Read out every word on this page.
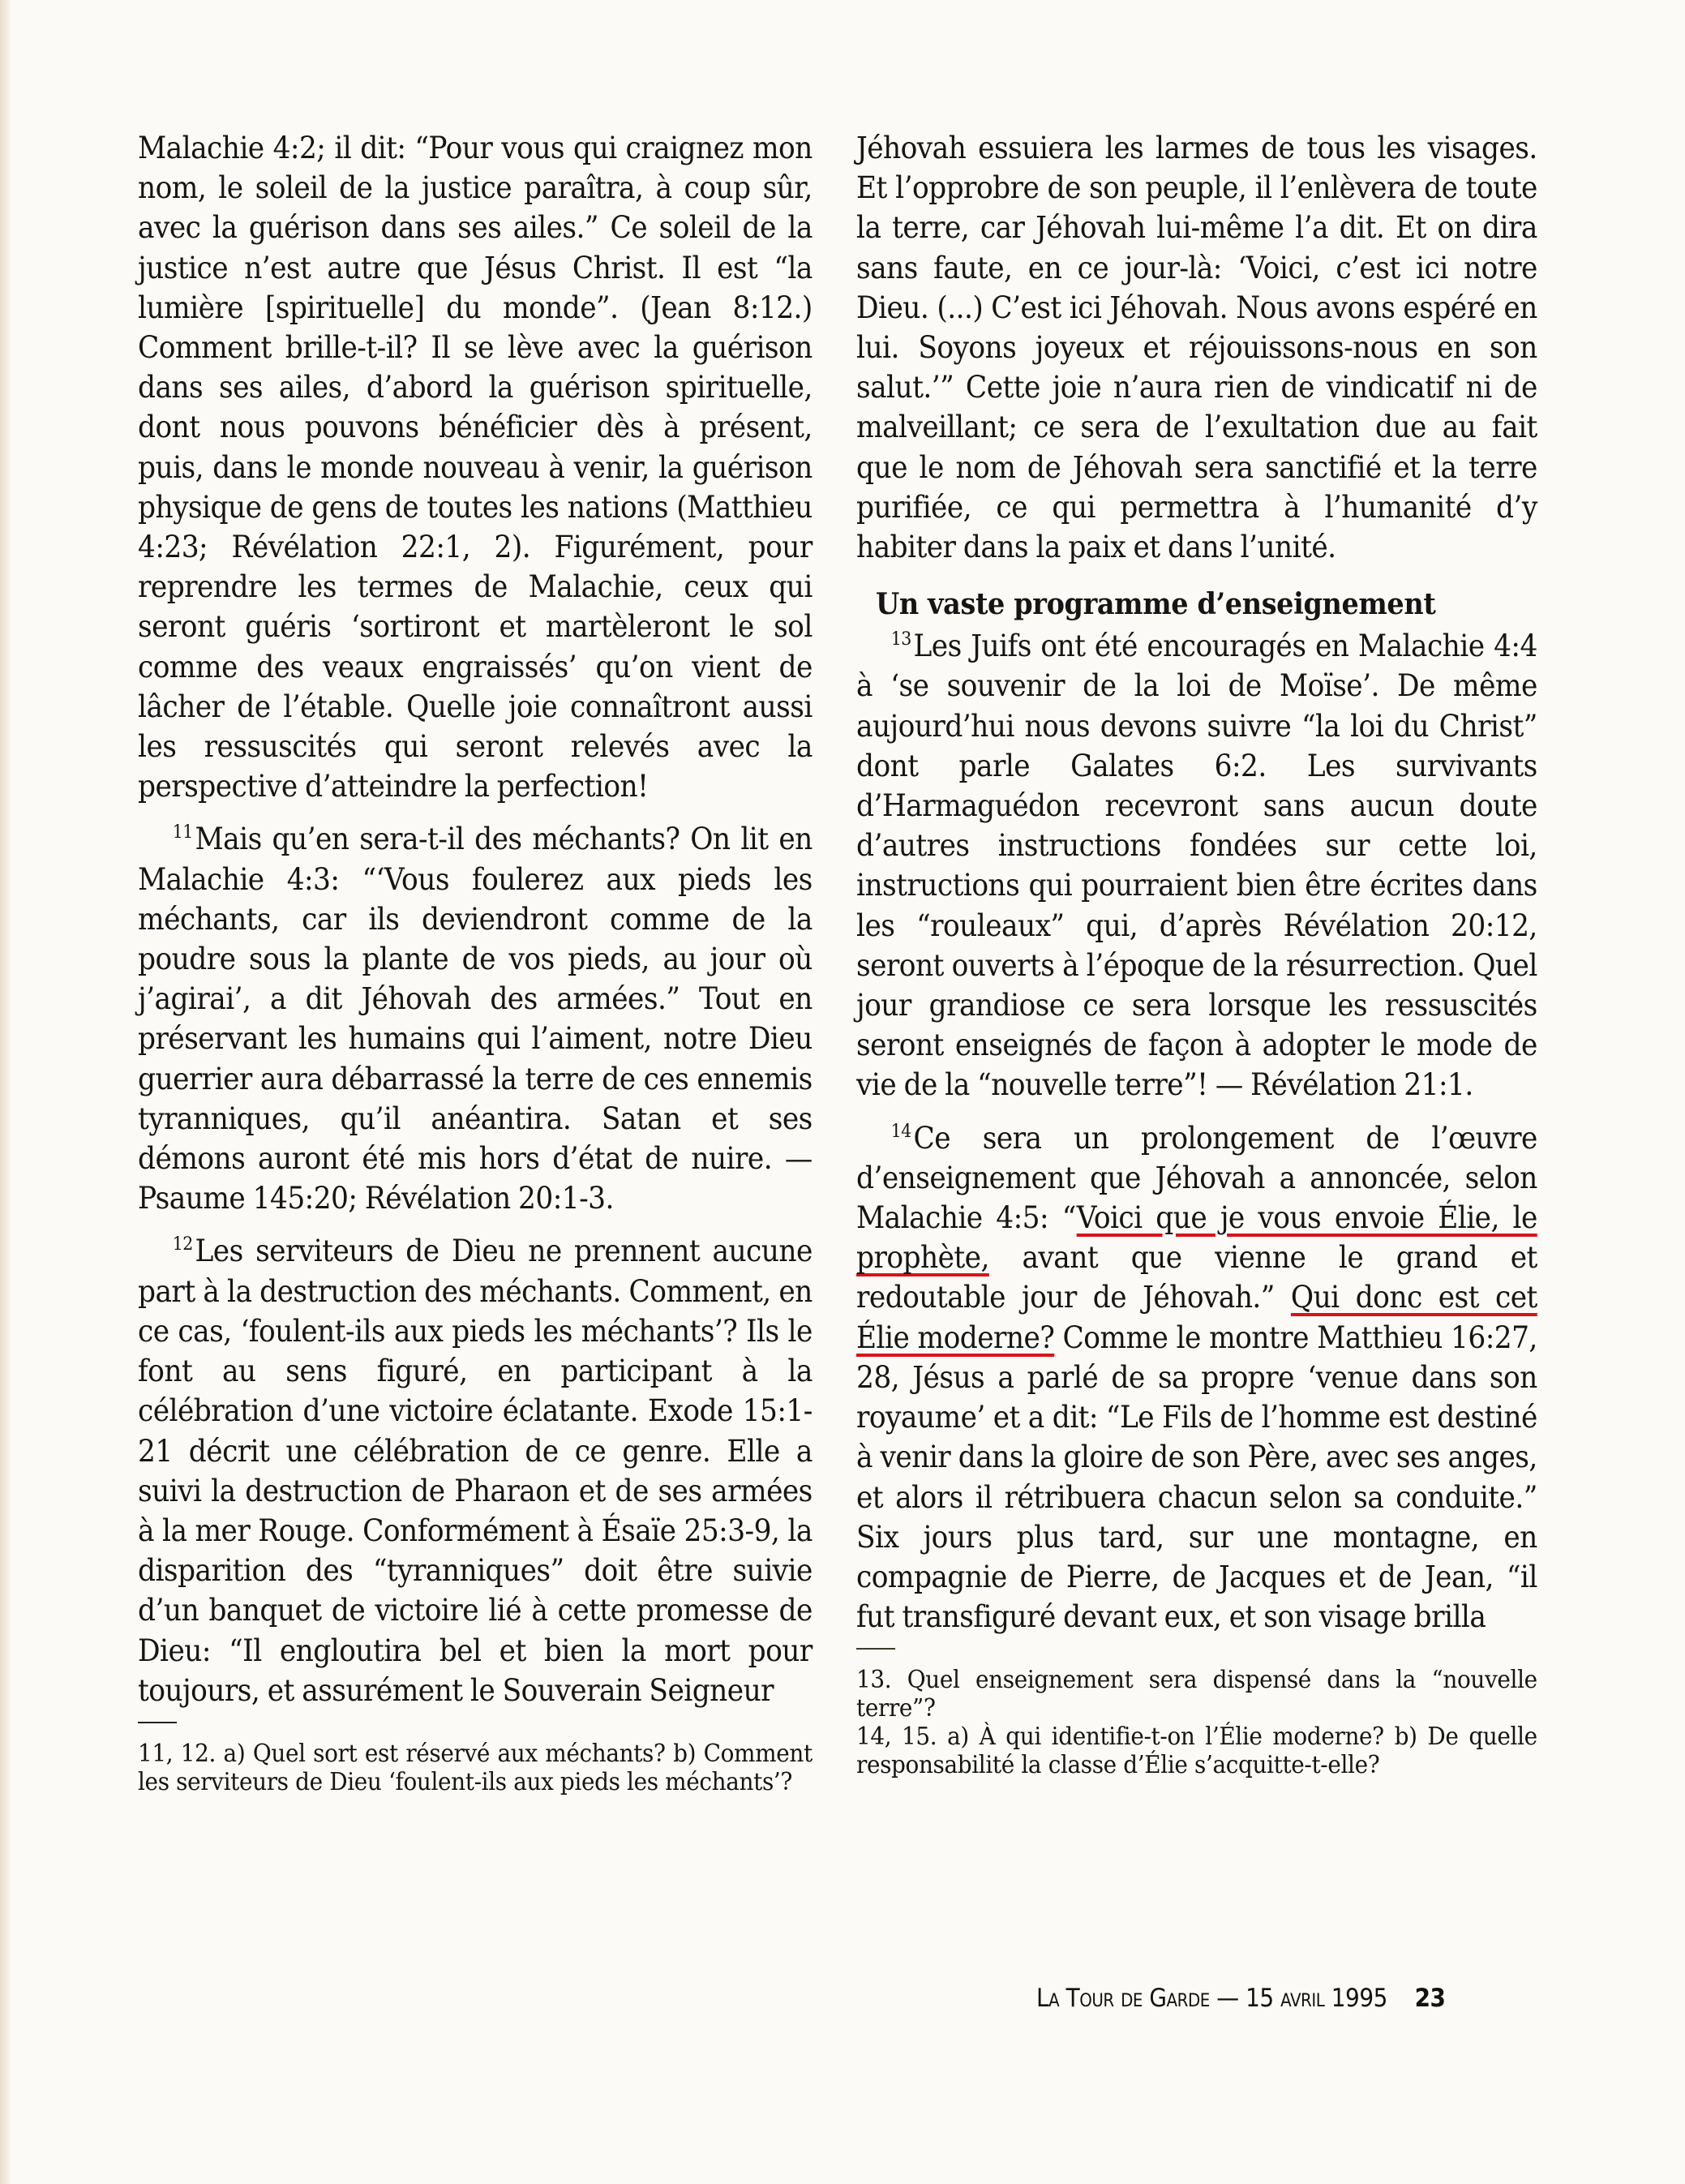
Malachie 4:2; il dit: “Pour vous qui craignez mon nom, le soleil de la justice paraîtra, à coup sûr, avec la guérison dans ses ailes.” Ce soleil de la justice n’est autre que Jésus Christ. Il est “la lumière [spirituelle] du monde”. (Jean 8:12.) Comment brille-t-il? Il se lève avec la guérison dans ses ailes, d’abord la guérison spirituelle, dont nous pouvons bénéficier dès à présent, puis, dans le monde nouveau à venir, la guérison physique de gens de toutes les nations (Matthieu 4:23; Révélation 22:1, 2). Figurément, pour reprendre les termes de Malachie, ceux qui seront guéris ‘sortiront et martèleront le sol comme des veaux engraissés’ qu’on vient de lâcher de l’étable. Quelle joie connaîtront aussi les ressuscités qui seront relevés avec la perspective d’atteindre la perfection!

$^{11}$Mais qu’en sera-t-il des méchants? On lit en Malachie 4:3: “‘Vous foulerez aux pieds les méchants, car ils deviendront comme de la poudre sous la plante de vos pieds, au jour où j’agirai’, a dit Jéhovah des armées.” Tout en préservant les humains qui l’aiment, notre Dieu guerrier aura débarrassé la terre de ces ennemis tyranniques, qu’il anéantira. Satan et ses démons auront été mis hors d’état de nuire. — Psaume 145:20; Révélation 20:1-3.

$^{12}$Les serviteurs de Dieu ne prennent aucune part à la destruction des méchants. Comment, en ce cas, ‘foulent-ils aux pieds les méchants’? Ils le font au sens figuré, en participant à la célébration d’une victoire éclatante. Exode 15:1-21 décrit une célébration de ce genre. Elle a suivi la destruction de Pharaon et de ses armées à la mer Rouge. Conformément à Ésaïe 25:3-9, la disparition des “tyranniques” doit être suivie d’un banquet de victoire lié à cette promesse de Dieu: “Il engloutira bel et bien la mort pour toujours, et assurément le Souverain Seigneur

11, 12. a) Quel sort est réservé aux méchants? b) Comment les serviteurs de Dieu ‘foulent-ils aux pieds les méchants’?

Jéhovah essuiera les larmes de tous les visages. Et l’opprobre de son peuple, il l’enlèvera de toute la terre, car Jéhovah lui-même l’a dit. Et on dira sans faute, en ce jour-là: ‘Voici, c’est ici notre Dieu. (...) C’est ici Jéhovah. Nous avons espéré en lui. Soyons joyeux et réjouissons-nous en son salut.’” Cette joie n’aura rien de vindicatif ni de malveillant; ce sera de l’exultation due au fait que le nom de Jéhovah sera sanctifié et la terre purifiée, ce qui permettra à l’humanité d’y habiter dans la paix et dans l’unité.

Un vaste programme d’enseignement

$^{13}$Les Juifs ont été encouragés en Malachie 4:4 à ‘se souvenir de la loi de Moïse’. De même aujourd’hui nous devons suivre “la loi du Christ” dont parle Galates 6:2. Les survivants d’Harmaguédon recevront sans aucun doute d’autres instructions fondées sur cette loi, instructions qui pourraient bien être écrites dans les “rouleaux” qui, d’après Révélation 20:12, seront ouverts à l’époque de la résurrection. Quel jour grandiose ce sera lorsque les ressuscités seront enseignés de façon à adopter le mode de vie de la “nouvelle terre”! — Révélation 21:1.

$^{14}$Ce sera un prolongement de l’œuvre d’enseignement que Jéhovah a annoncée, selon Malachie 4:5: “Voici que je vous envoie Élie, le prophète, avant que vienne le grand et redoutable jour de Jéhovah.” Qui donc est cet Élie moderne? Comme le montre Matthieu 16:27, 28, Jésus a parlé de sa propre ‘venue dans son royaume’ et a dit: “Le Fils de l’homme est destiné à venir dans la gloire de son Père, avec ses anges, et alors il rétribuera chacun selon sa conduite.” Six jours plus tard, sur une montagne, en compagnie de Pierre, de Jacques et de Jean, “il fut transfiguré devant eux, et son visage brilla

13. Quel enseignement sera dispensé dans la “nouvelle terre”?
14, 15. a) À qui identifie-t-on l’Élie moderne? b) De quelle responsabilité la classe d’Élie s’acquitte-t-elle?

La Tour de Garde — 15 avril 1995 23
